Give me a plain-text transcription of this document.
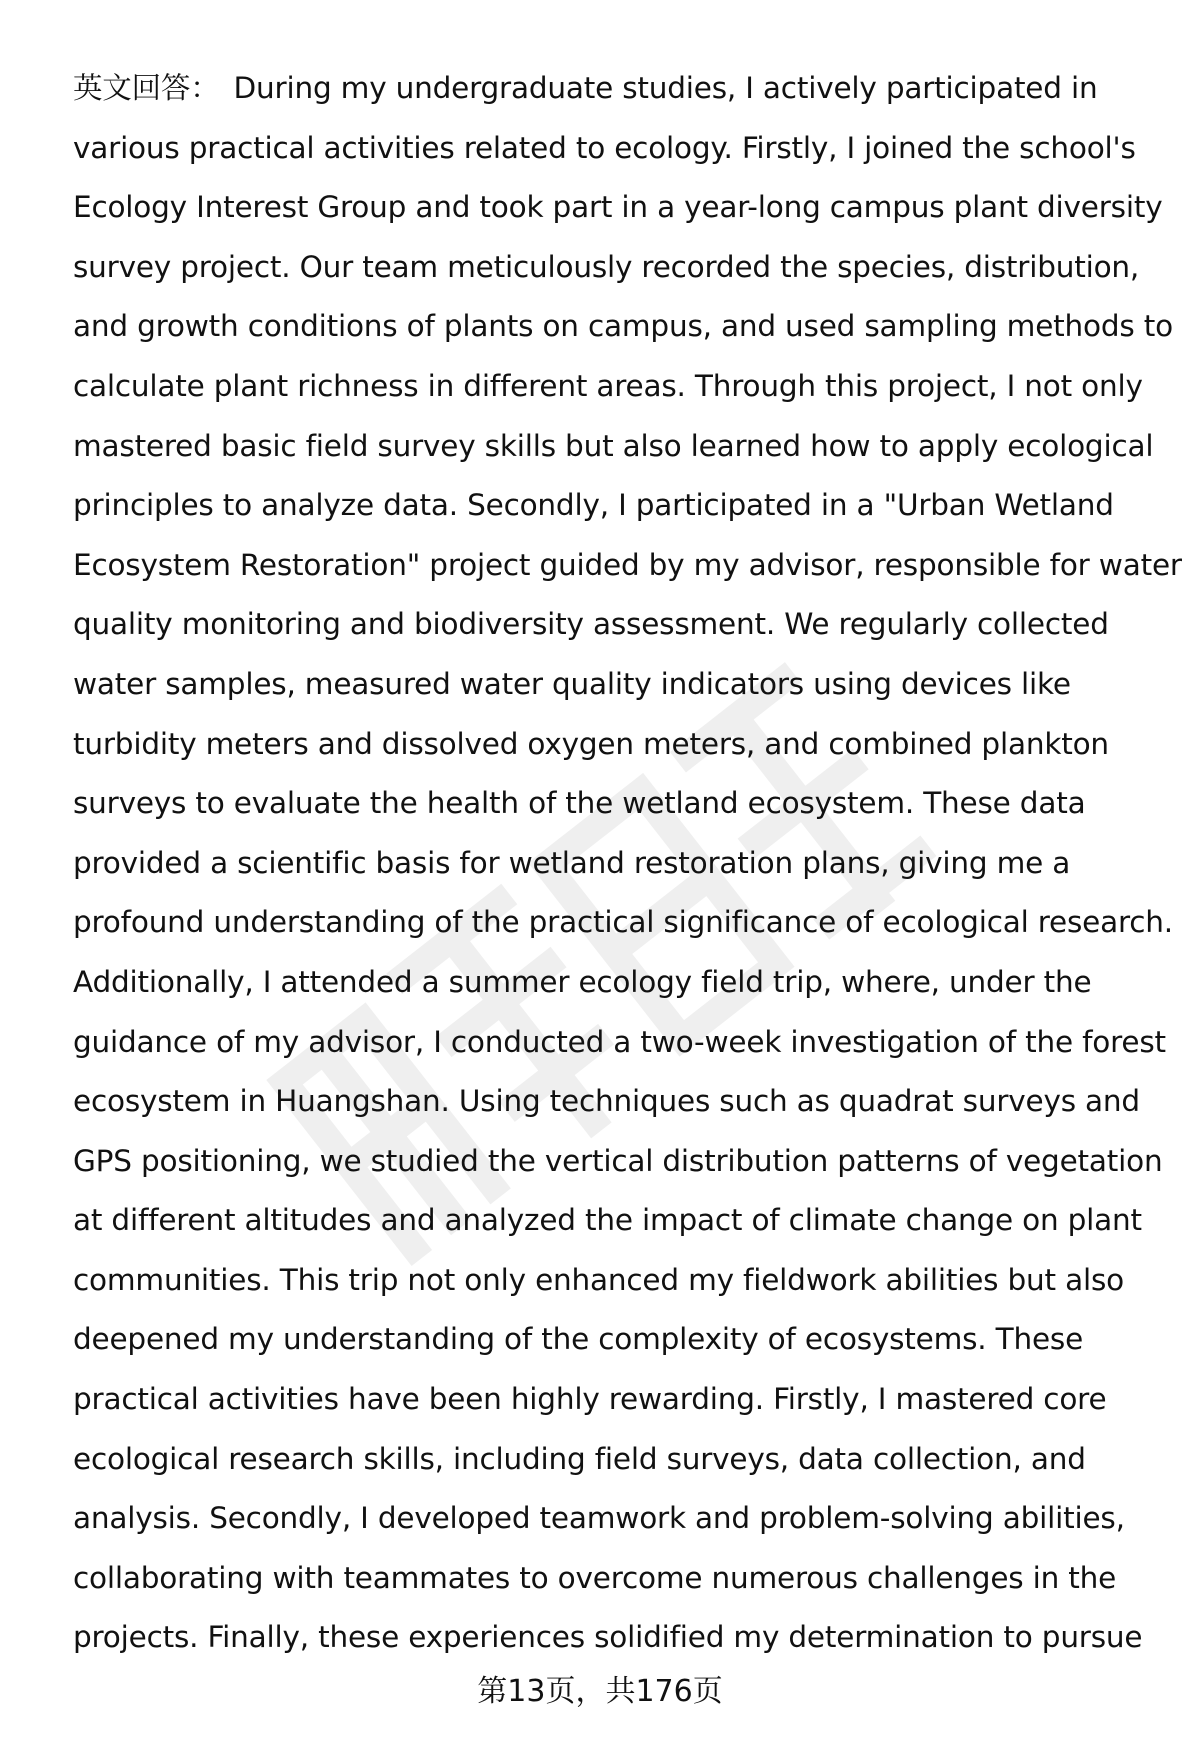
英文回答： During my undergraduate studies, I actively participated in
various practical activities related to ecology. Firstly, I joined the school's
Ecology Interest Group and took part in a year-long campus plant diversity
survey project. Our team meticulously recorded the species, distribution,
and growth conditions of plants on campus, and used sampling methods to
calculate plant richness in different areas. Through this project, I not only
mastered basic field survey skills but also learned how to apply ecological
principles to analyze data. Secondly, I participated in a "Urban Wetland
Ecosystem Restoration" project guided by my advisor, responsible for water
quality monitoring and biodiversity assessment. We regularly collected
water samples, measured water quality indicators using devices like
turbidity meters and dissolved oxygen meters, and combined plankton
surveys to evaluate the health of the wetland ecosystem. These data
provided a scientific basis for wetland restoration plans, giving me a
profound understanding of the practical significance of ecological research.
Additionally, I attended a summer ecology field trip, where, under the
guidance of my advisor, I conducted a two-week investigation of the forest
ecosystem in Huangshan. Using techniques such as quadrat surveys and
GPS positioning, we studied the vertical distribution patterns of vegetation
at different altitudes and analyzed the impact of climate change on plant
communities. This trip not only enhanced my fieldwork abilities but also
deepened my understanding of the complexity of ecosystems. These
practical activities have been highly rewarding. Firstly, I mastered core
ecological research skills, including field surveys, data collection, and
analysis. Secondly, I developed teamwork and problem-solving abilities,
collaborating with teammates to overcome numerous challenges in the
projects. Finally, these experiences solidified my determination to pursue
第13页，共176页
